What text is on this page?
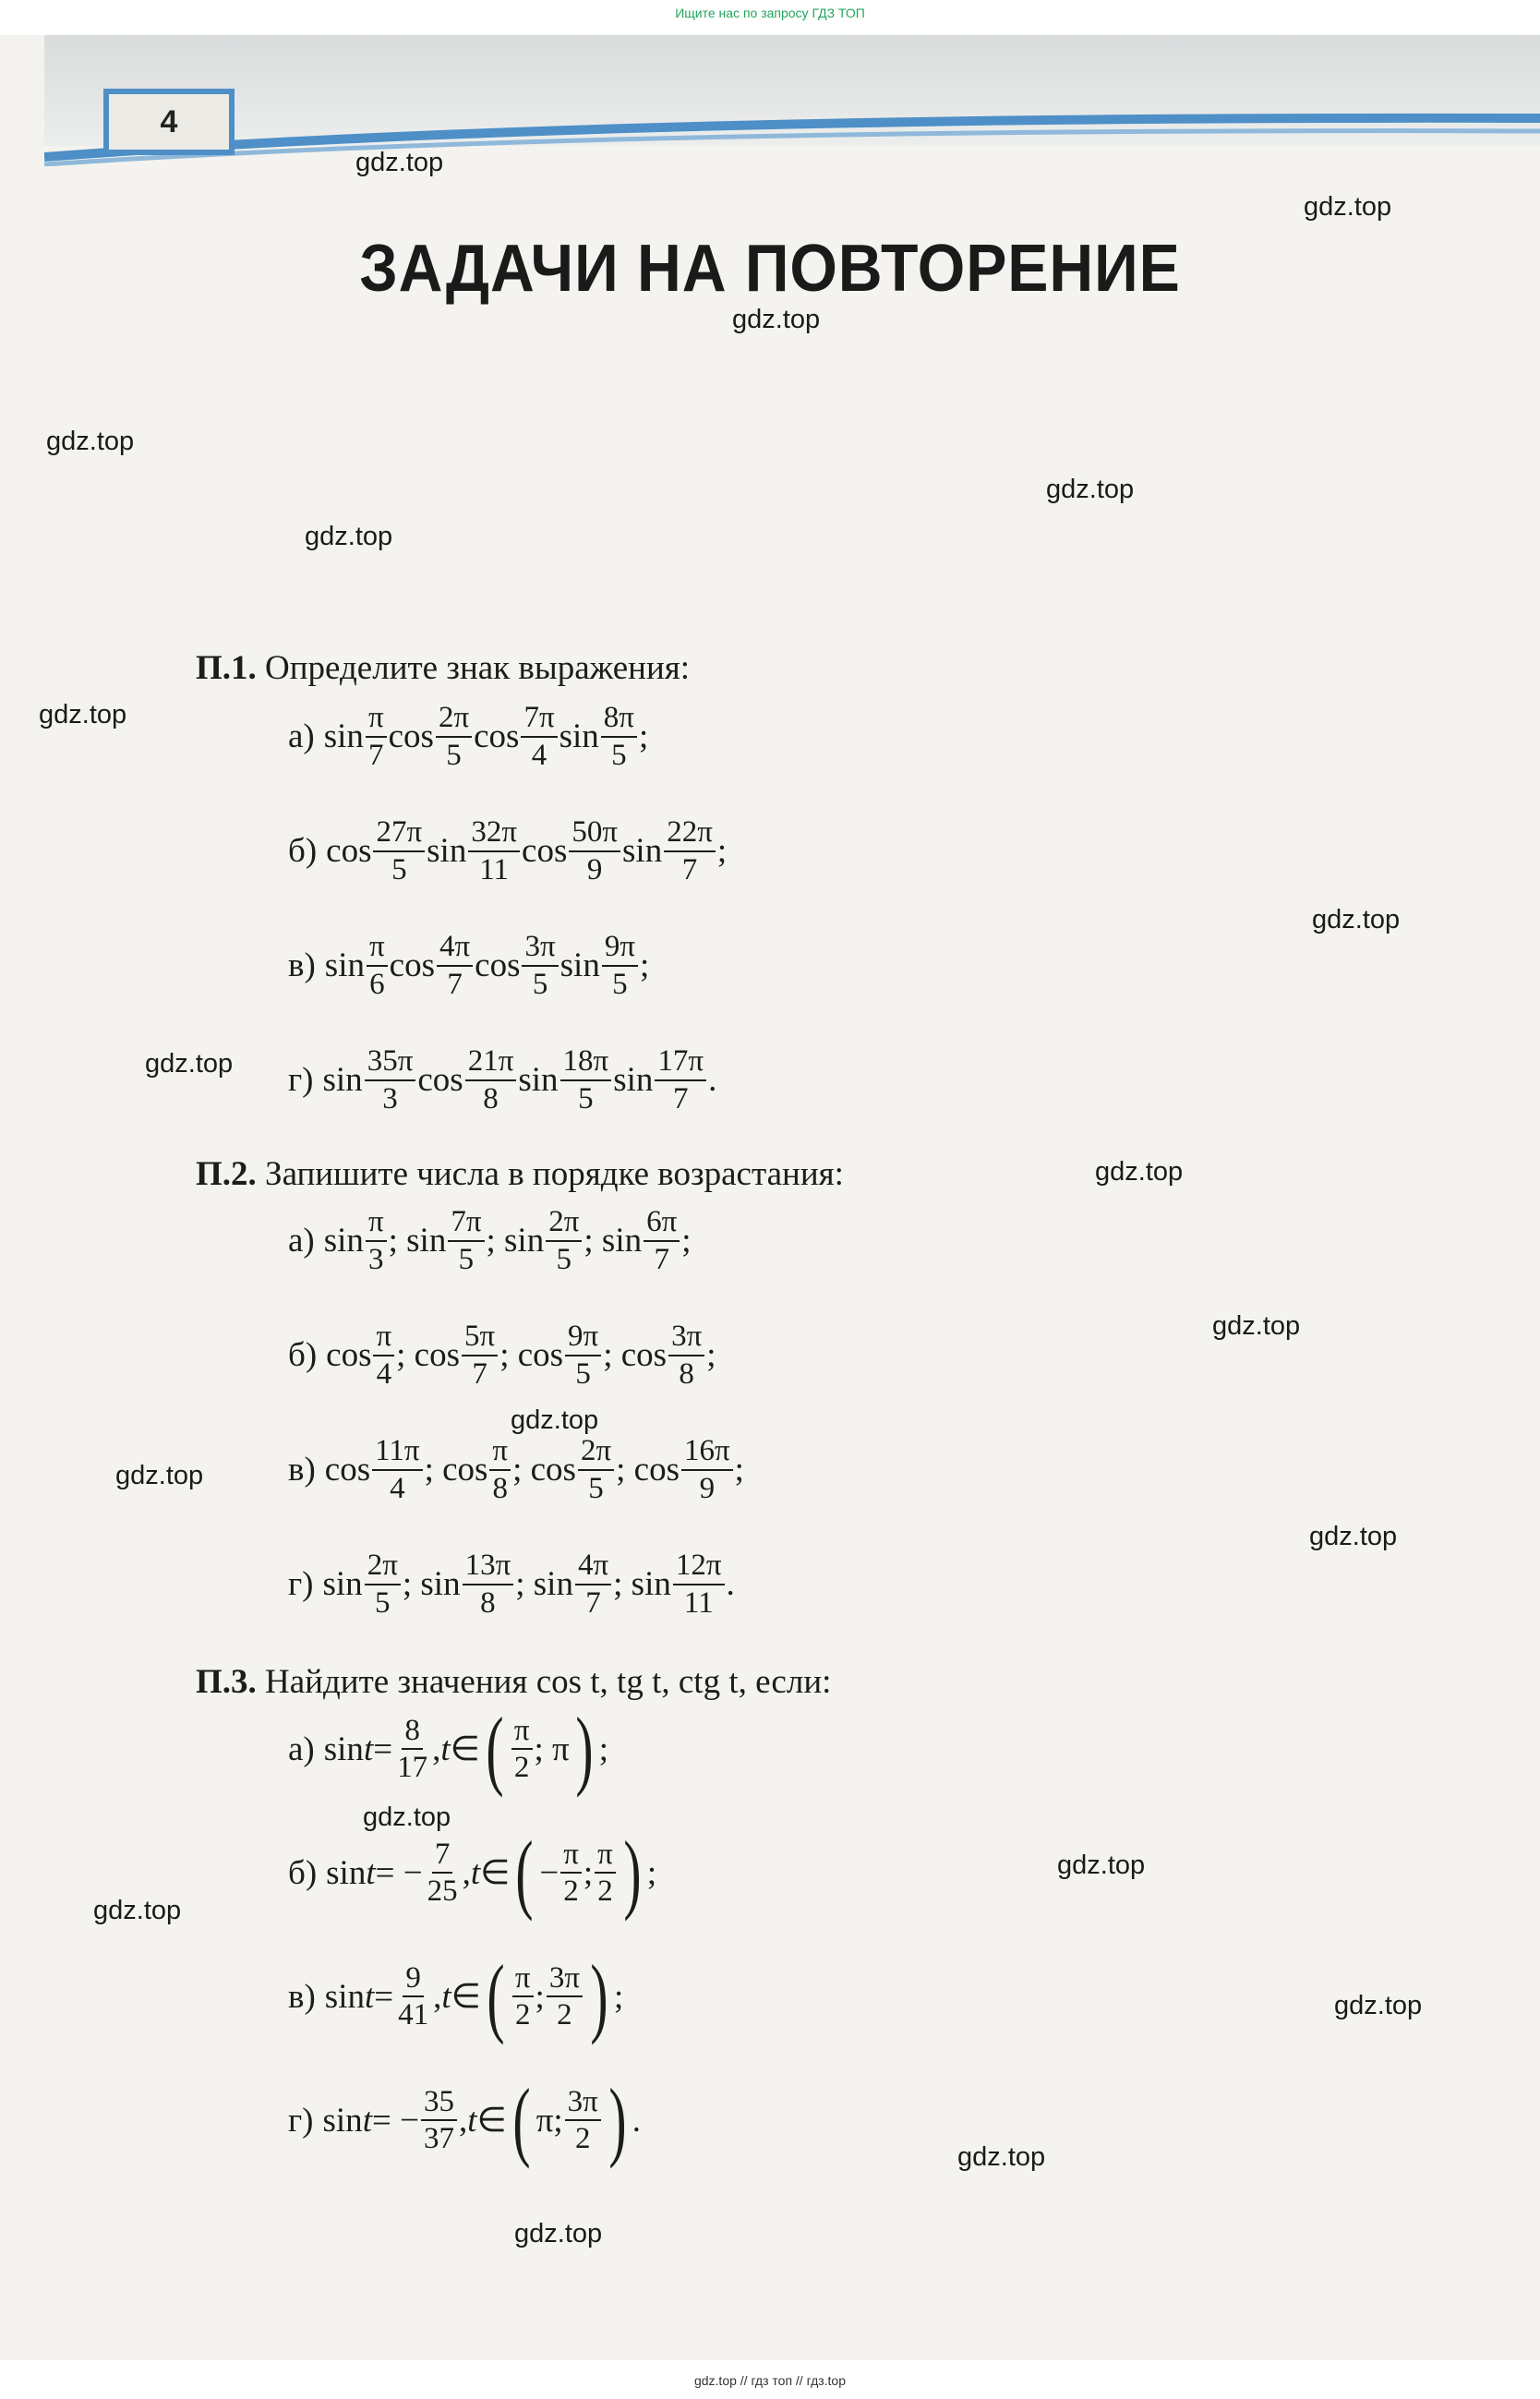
Ищите нас по запросу ГДЗ ТОП
4
ЗАДАЧИ НА ПОВТОРЕНИЕ
П.1. Определите знак выражения:
а) $\sin \frac{\pi}{7}$ $\cos \frac{2\pi}{5}$ $\cos \frac{7\pi}{4}$ $\sin \frac{8\pi}{5}$ ;
б) $\cos \frac{27\pi}{5}$ $\sin \frac{32\pi}{11}$ $\cos \frac{50\pi}{9}$ $\sin \frac{22\pi}{7}$ ;
в) $\sin \frac{\pi}{6}$ $\cos \frac{4\pi}{7}$ $\cos \frac{3\pi}{5}$ $\sin \frac{9\pi}{5}$ ;
г) $\sin \frac{35\pi}{3}$ $\cos \frac{21\pi}{8}$ $\sin \frac{18\pi}{5}$ $\sin \frac{17\pi}{7}$ .
П.2. Запишите числа в порядке возрастания:
а) $\sin \frac{\pi}{3}$ ; $\sin \frac{7\pi}{5}$ ; $\sin \frac{2\pi}{5}$ ; $\sin \frac{6\pi}{7}$ ;
б) $\cos \frac{\pi}{4}$ ; $\cos \frac{5\pi}{7}$ ; $\cos \frac{9\pi}{5}$ ; $\cos \frac{3\pi}{8}$ ;
в) $\cos \frac{11\pi}{4}$ ; $\cos \frac{\pi}{8}$ ; $\cos \frac{2\pi}{5}$ ; $\cos \frac{16\pi}{9}$ ;
г) $\sin \frac{2\pi}{5}$ ; $\sin \frac{13\pi}{8}$ ; $\sin \frac{4\pi}{7}$ ; $\sin \frac{12\pi}{11}$ .
П.3. Найдите значения cos t, tg t, ctg t, если:
а) $\sin t = \frac{8}{17}$ , t ∈ ( $\frac{\pi}{2}$ ; π ) ;
б) sin t = − $\frac{7}{25}$ , t ∈ ( − $\frac{\pi}{2}$ ; $\frac{\pi}{2}$ ) ;
в) $\sin t = \frac{9}{41}$ , t ∈ ( $\frac{\pi}{2}$ ; $\frac{3\pi}{2}$ ) ;
г) sin t = − $\frac{35}{37}$ , t ∈ ( π; $\frac{3\pi}{2}$ ) .
gdz.top
gdz.top
gdz.top
gdz.top
gdz.top
gdz.top
gdz.top
gdz.top
gdz.top
gdz.top
gdz.top
gdz.top
gdz.top
gdz.top
gdz.top
gdz.top
gdz.top
gdz.top
gdz.top
gdz.top
gdz.top // гдз топ // гдз.top
